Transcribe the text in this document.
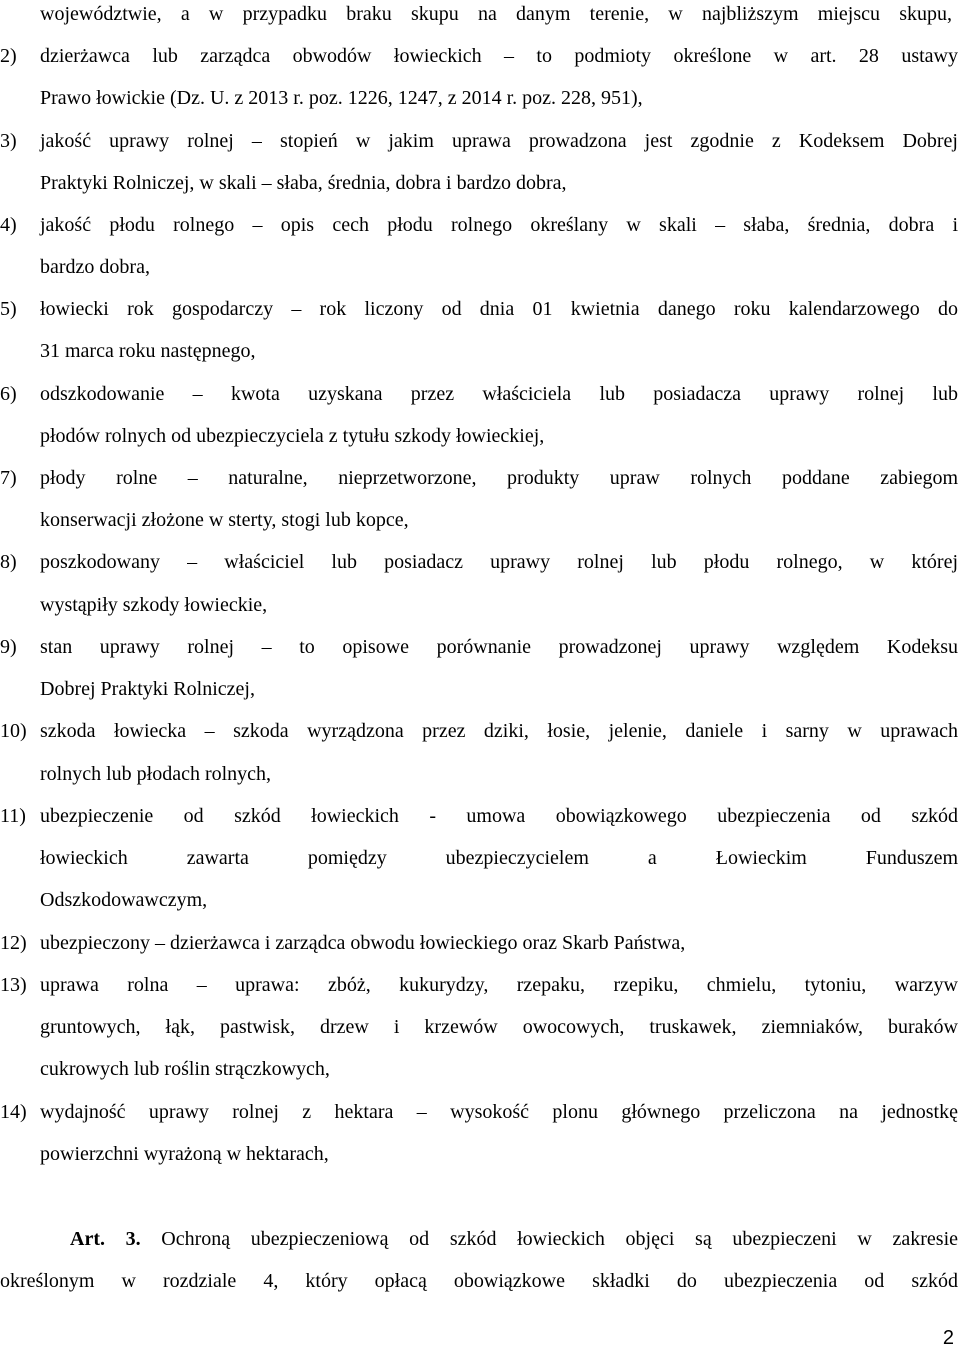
województwie, a w przypadku braku skupu na danym terenie, w najbliższym miejscu skupu,
2) dzierżawca lub zarządca obwodów łowieckich – to podmioty określone w art. 28 ustawy
Prawo łowickie (Dz. U. z 2013 r. poz. 1226, 1247, z 2014 r. poz. 228, 951),
3) jakość uprawy rolnej – stopień w jakim uprawa prowadzona jest zgodnie z Kodeksem Dobrej
Praktyki Rolniczej, w skali – słaba, średnia, dobra i bardzo dobra,
4) jakość płodu rolnego – opis cech płodu rolnego określany w skali – słaba, średnia, dobra i
bardzo dobra,
5) łowiecki rok gospodarczy – rok liczony od dnia 01 kwietnia danego roku kalendarzowego do
31 marca roku następnego,
6) odszkodowanie – kwota uzyskana przez właściciela lub posiadacza uprawy rolnej lub
płodów rolnych od ubezpieczyciela z tytułu szkody łowieckiej,
7) płody rolne – naturalne, nieprzetworzone, produkty upraw rolnych poddane zabiegom
konserwacji złożone w sterty, stogi lub kopce,
8) poszkodowany – właściciel lub posiadacz uprawy rolnej lub płodu rolnego, w której
wystąpiły szkody łowieckie,
9) stan uprawy rolnej – to opisowe porównanie prowadzonej uprawy względem Kodeksu
Dobrej Praktyki Rolniczej,
10) szkoda łowiecka – szkoda wyrządzona przez dziki, łosie, jelenie, daniele i sarny w uprawach
rolnych lub płodach rolnych,
11) ubezpieczenie od szkód łowieckich - umowa obowiązkowego ubezpieczenia od szkód
łowieckich zawarta pomiędzy ubezpieczycielem a Łowieckim Funduszem
Odszkodowawczym,
12) ubezpieczony – dzierżawca i zarządca obwodu łowieckiego oraz Skarb Państwa,
13) uprawa rolna – uprawa: zbóż, kukurydzy, rzepaku, rzepiku, chmielu, tytoniu, warzyw
gruntowych, łąk, pastwisk, drzew i krzewów owocowych, truskawek, ziemniaków, buraków
cukrowych lub roślin strączkowych,
14) wydajność uprawy rolnej z hektara – wysokość plonu głównego przeliczona na jednostkę
powierzchni wyrażoną w hektarach,
Art. 3. Ochroną ubezpieczeniową od szkód łowieckich objęci są ubezpieczeni w zakresie
określonym w rozdziale 4, który opłacą obowiązkowe składki do ubezpieczenia od szkód
2
